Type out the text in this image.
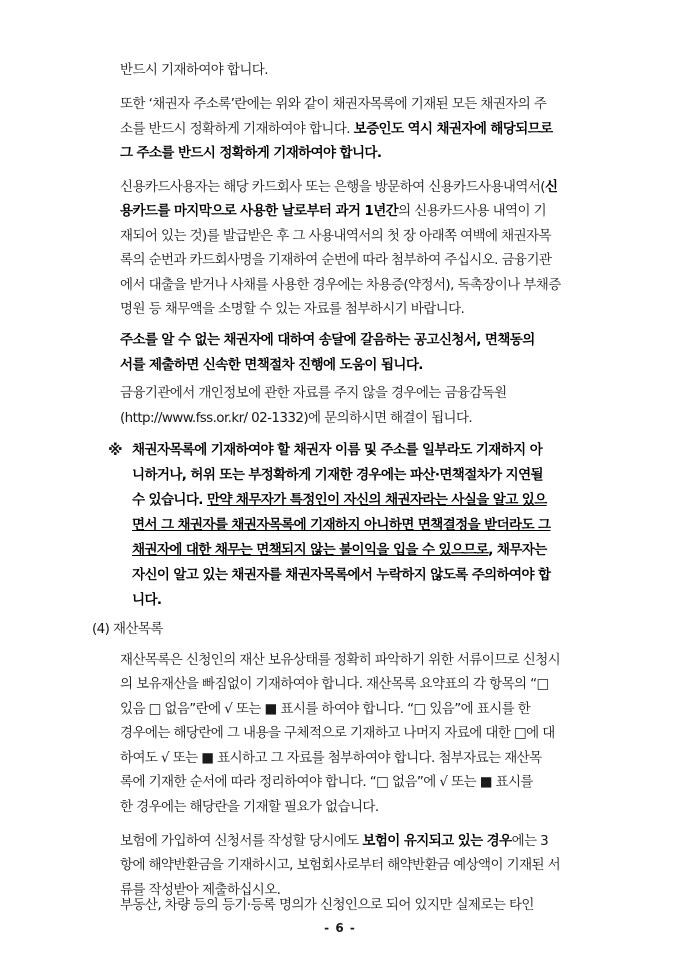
반드시 기재하여야 합니다.
또한 ‘채권자 주소록’란에는 위와 같이 채권자목록에 기재된 모든 채권자의 주
소를 반드시 정확하게 기재하여야 합니다. 보증인도 역시 채권자에 해당되므로
그 주소를 반드시 정확하게 기재하여야 합니다.
신용카드사용자는 해당 카드회사 또는 은행을 방문하여 신용카드사용내역서(신
용카드를 마지막으로 사용한 날로부터 과거 1년간의 신용카드사용 내역이 기
재되어 있는 것)를 발급받은 후 그 사용내역서의 첫 장 아래쪽 여백에 채권자목
록의 순번과 카드회사명을 기재하여 순번에 따라 첨부하여 주십시오. 금융기관
에서 대출을 받거나 사채를 사용한 경우에는 차용증(약정서), 독촉장이나 부채증
명원 등 채무액을 소명할 수 있는 자료를 첨부하시기 바랍니다.
주소를 알 수 없는 채권자에 대하여 송달에 갈음하는 공고신청서, 면책동의
서를 제출하면 신속한 면책절차 진행에 도움이 됩니다.
금융기관에서 개인정보에 관한 자료를 주지 않을 경우에는 금융감독원
(http://www.fss.or.kr/ 02-1332)에 문의하시면 해결이 됩니다.
※ 채권자목록에 기재하여야 할 채권자 이름 및 주소를 일부라도 기재하지 아
니하거나, 허위 또는 부정확하게 기재한 경우에는 파산·면책절차가 지연될
수 있습니다. 만약 채무자가 특정인이 자신의 채권자라는 사실을 알고 있으
면서 그 채권자를 채권자목록에 기재하지 아니하면 면책결정을 받더라도 그
채권자에 대한 채무는 면책되지 않는 불이익을 입을 수 있으므로, 채무자는
자신이 알고 있는 채권자를 채권자목록에서 누락하지 않도록 주의하여야 합
니다.
(4) 재산목록
재산목록은 신청인의 재산 보유상태를 정확히 파악하기 위한 서류이므로 신청시
의 보유재산을 빠짐없이 기재하여야 합니다. 재산목록 요약표의 각 항목의 “□
있음 □ 없음”란에 √ 또는 ■ 표시를 하여야 합니다. “□ 있음”에 표시를 한
경우에는 해당란에 그 내용을 구체적으로 기재하고 나머지 자료에 대한 □에 대
하여도 √ 또는 ■ 표시하고 그 자료를 첨부하여야 합니다. 첨부자료는 재산목
록에 기재한 순서에 따라 정리하여야 합니다. “□ 없음”에 √ 또는 ■ 표시를
한 경우에는 해당란을 기재할 필요가 없습니다.
보험에 가입하여 신청서를 작성할 당시에도 보험이 유지되고 있는 경우에는 3
항에 해약반환금을 기재하시고, 보험회사로부터 해약반환금 예상액이 기재된 서
류를 작성받아 제출하십시오.
- 6 -
부동산, 차량 등의 등기·등록 명의가 신청인으로 되어 있지만 실제로는 타인
